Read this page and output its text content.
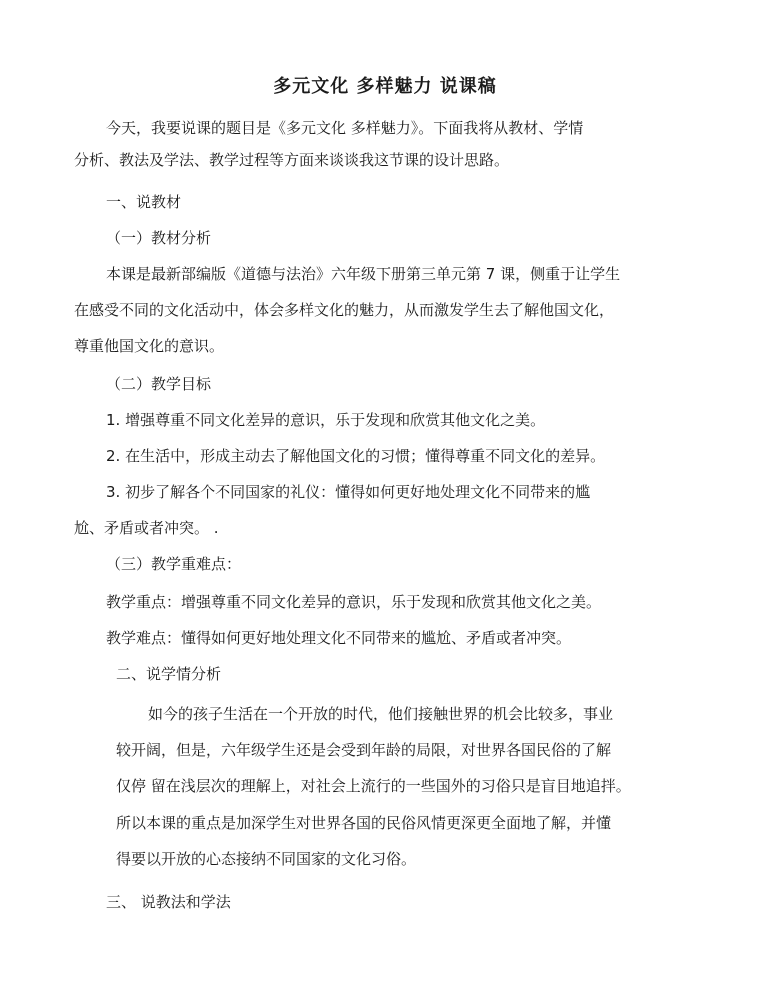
多元文化 多样魅力 说课稿
今天，我要说课的题目是《多元文化 多样魅力》。下面我将从教材、学情
分析、教法及学法、教学过程等方面来谈谈我这节课的设计思路。
一、说教材
（一）教材分析
本课是最新部编版《道德与法治》六年级下册第三单元第 7 课，侧重于让学生
在感受不同的文化活动中，体会多样文化的魅力，从而激发学生去了解他国文化，
尊重他国文化的意识。
（二）教学目标
1. 增强尊重不同文化差异的意识，乐于发现和欣赏其他文化之美。
2. 在生活中，形成主动去了解他国文化的习惯；懂得尊重不同文化的差异。
3. 初步了解各个不同国家的礼仪：懂得如何更好地处理文化不同带来的尴
尬、矛盾或者冲突。 .
（三）教学重难点：
教学重点：增强尊重不同文化差异的意识，乐于发现和欣赏其他文化之美。
教学难点：懂得如何更好地处理文化不同带来的尴尬、矛盾或者冲突。
二、说学情分析
如今的孩子生活在一个开放的时代，他们接触世界的机会比较多，事业
较开阔，但是，六年级学生还是会受到年龄的局限，对世界各国民俗的了解
仅停 留在浅层次的理解上，对社会上流行的一些国外的习俗只是盲目地追拌。
所以本课的重点是加深学生对世界各国的民俗风情更深更全面地了解，并懂
得要以开放的心态接纳不同国家的文化习俗。
三、 说教法和学法
